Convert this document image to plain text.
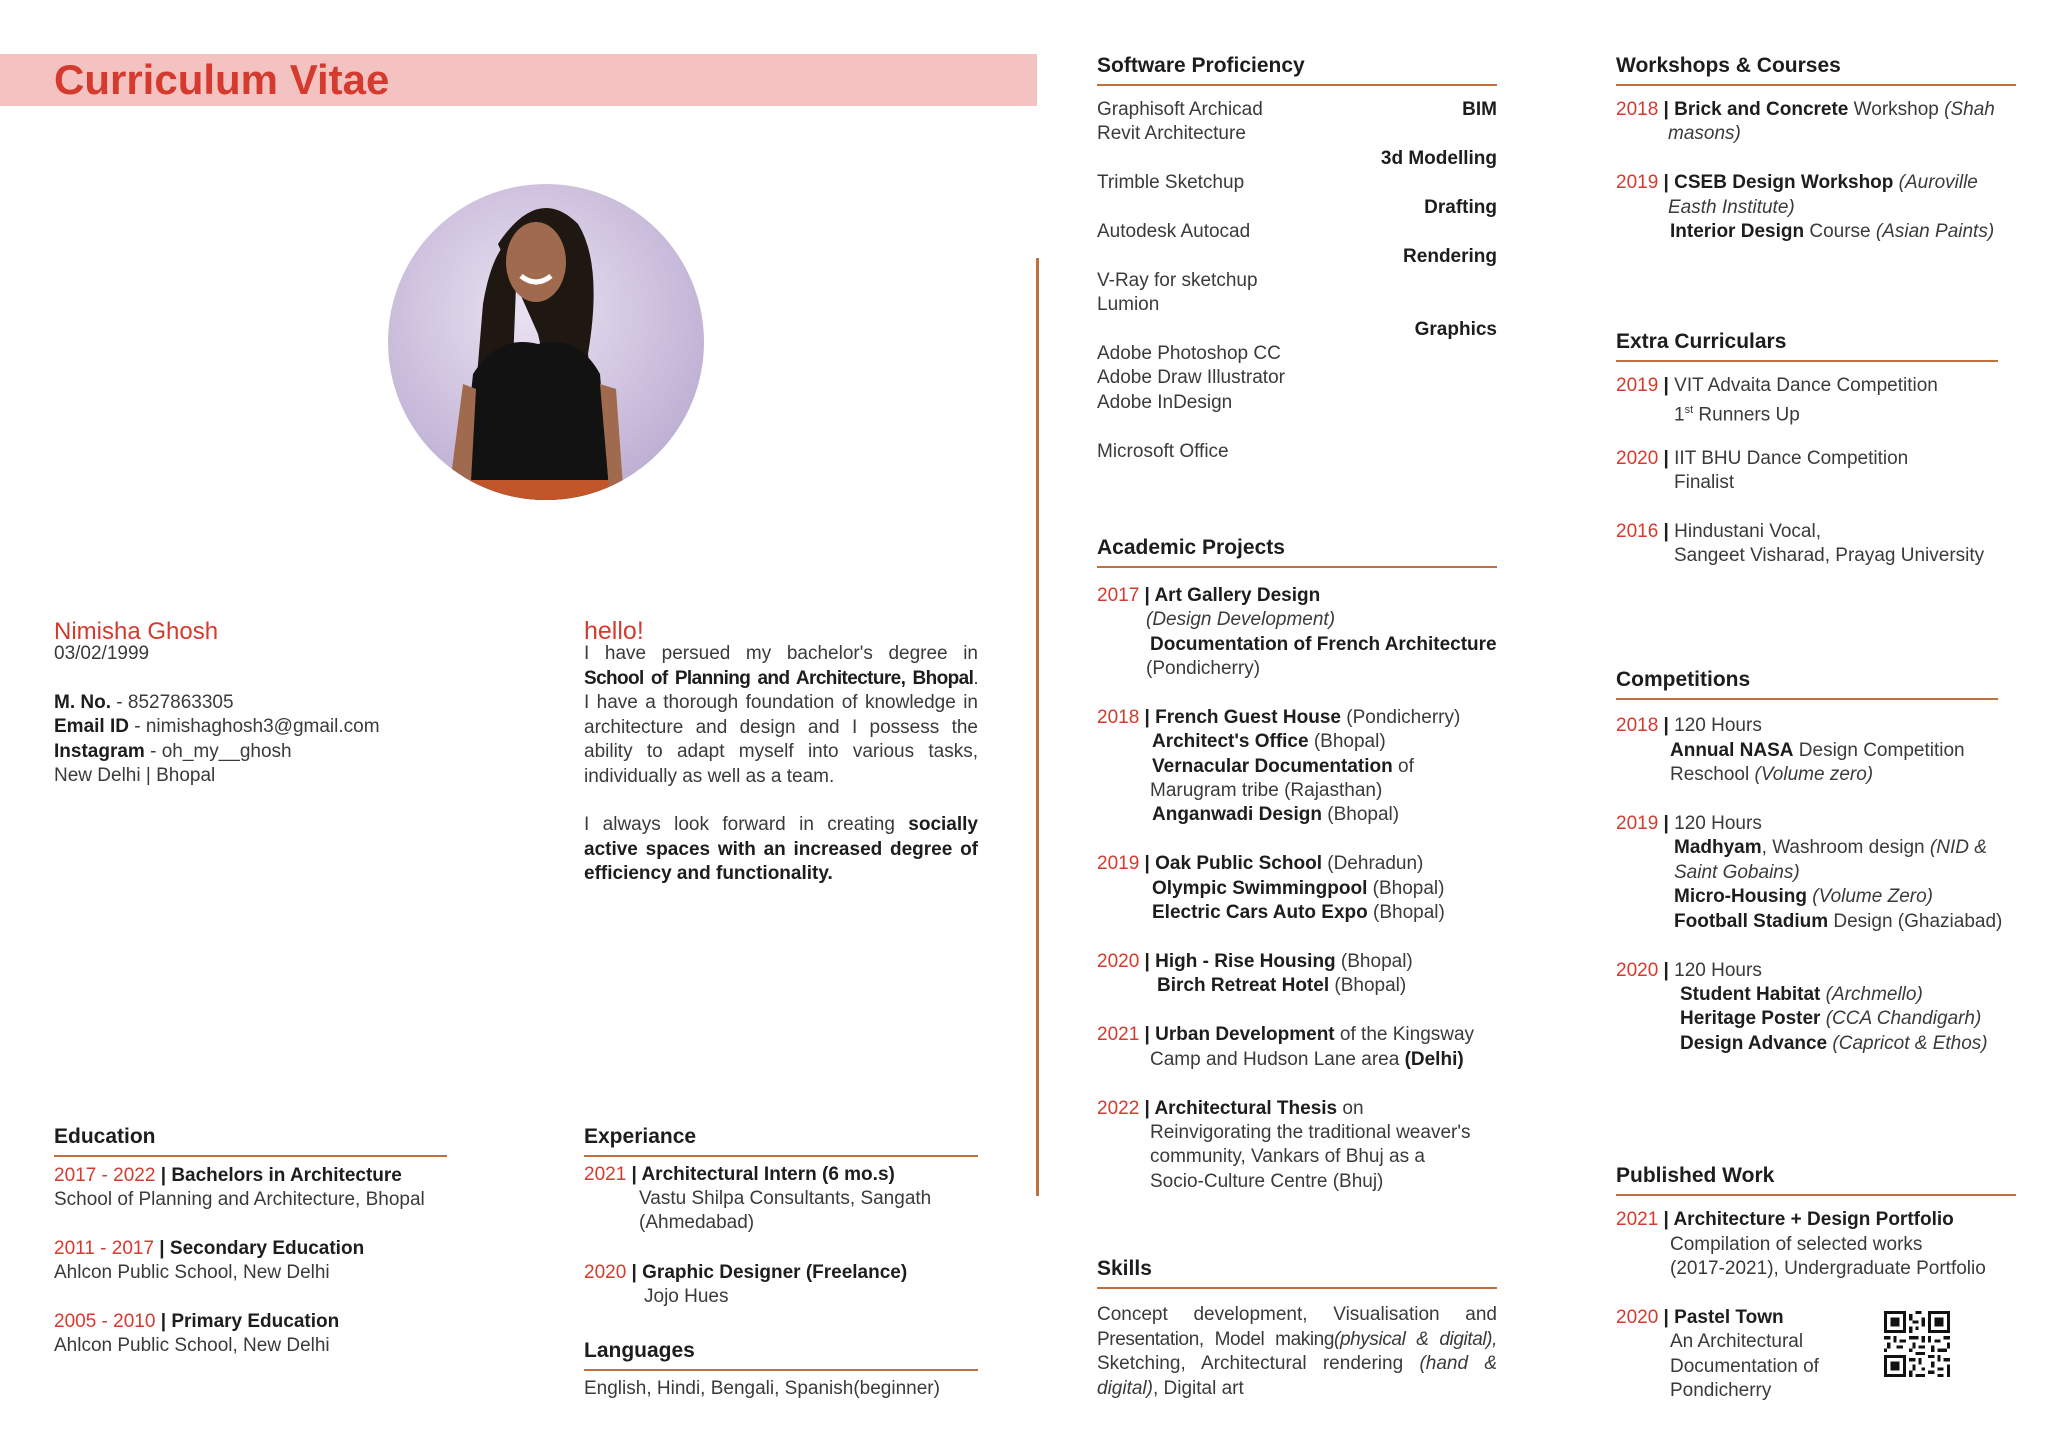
Curriculum Vitae
Nimisha Ghosh
03/02/1999
M. No. - 8527863305
Email ID - nimishaghosh3@gmail.com
Instagram - oh_my__ghosh
New Delhi | Bhopal
hello!
I have persued my bachelor's degree in
School of Planning and Architecture, Bhopal.
I have a thorough foundation of knowledge in architecture and design and I possess the ability to adapt myself into various tasks, individually as well as a team.
I always look forward in creating socially active spaces with an increased degree of efficiency and functionality.
Education
2017 - 2022 | Bachelors in Architecture
School of Planning and Architecture, Bhopal
2011 - 2017 | Secondary Education
Ahlcon Public School, New Delhi
2005 - 2010 | Primary Education
Ahlcon Public School, New Delhi
Experiance
2021 | Architectural Intern (6 mo.s)
Vastu Shilpa Consultants, Sangath
(Ahmedabad)
2020 | Graphic Designer (Freelance)
Jojo Hues
Languages
English, Hindi, Bengali, Spanish(beginner)
Software Proficiency
Graphisoft Archicad
Revit Architecture
Trimble Sketchup
Autodesk Autocad
V-Ray for sketchup
Lumion
Adobe Photoshop CC
Adobe Draw Illustrator
Adobe InDesign
Microsoft Office
BIM
3d Modelling
Drafting
Rendering
Graphics
Academic Projects
2017 | Art Gallery Design
(Design Development)
Documentation of French Architecture
(Pondicherry)
2018 | French Guest House (Pondicherry)
Architect's Office (Bhopal)
Vernacular Documentation of
Marugram tribe (Rajasthan)
Anganwadi Design (Bhopal)
2019 | Oak Public School (Dehradun)
Olympic Swimmingpool (Bhopal)
Electric Cars Auto Expo (Bhopal)
2020 | High - Rise Housing (Bhopal)
Birch Retreat Hotel (Bhopal)
2021 | Urban Development of the Kingsway
Camp and Hudson Lane area (Delhi)
2022 | Architectural Thesis on
Reinvigorating the traditional weaver's
community, Vankars of Bhuj as a
Socio-Culture Centre (Bhuj)
Skills
Concept development, Visualisation and
Presentation, Model making(physical & digital),
Sketching, Architectural rendering (hand &
digital), Digital art
Workshops & Courses
2018 | Brick and Concrete Workshop (Shah
masons)
2019 | CSEB Design Workshop (Auroville
Easth Institute)
Interior Design Course (Asian Paints)
Extra Curriculars
2019 | VIT Advaita Dance Competition
1st Runners Up
2020 | IIT BHU Dance Competition
Finalist
2016 | Hindustani Vocal,
Sangeet Visharad, Prayag University
Competitions
2018 | 120 Hours
Annual NASA Design Competition
Reschool (Volume zero)
2019 | 120 Hours
Madhyam, Washroom design (NID &
Saint Gobains)
Micro-Housing (Volume Zero)
Football Stadium Design (Ghaziabad)
2020 | 120 Hours
Student Habitat (Archmello)
Heritage Poster (CCA Chandigarh)
Design Advance (Capricot & Ethos)
Published Work
2021 | Architecture + Design Portfolio
Compilation of selected works
(2017-2021), Undergraduate Portfolio
2020 | Pastel Town
An Architectural
Documentation of
Pondicherry
